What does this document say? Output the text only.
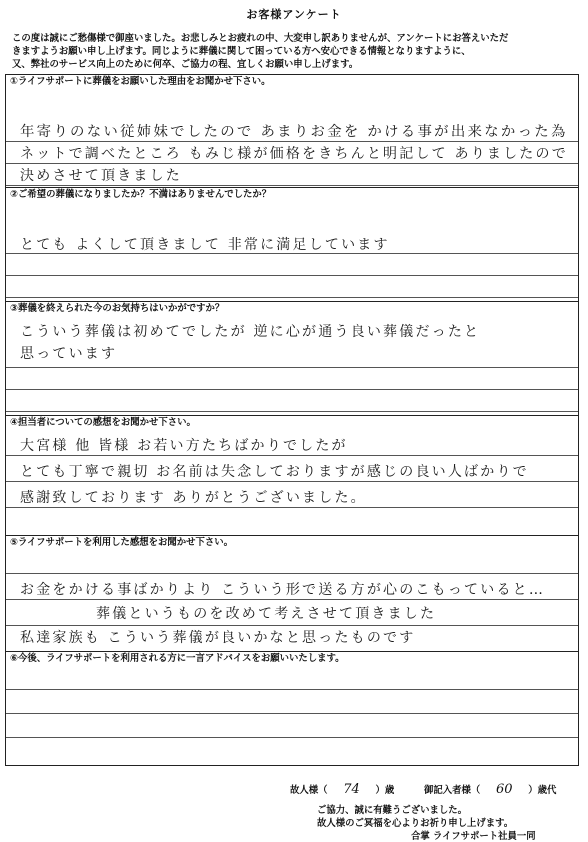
お客様アンケート
この度は誠にご愁傷様で御座いました。お悲しみとお疲れの中、大変申し訳ありませんが、アンケートにお答えいただ
きますようお願い申し上げます。同じように葬儀に関して困っている方へ安心できる情報となりますように、
又、弊社のサービス向上のために何卒、ご協力の程、宜しくお願い申し上げます。
①ライフサポートに葬儀をお願いした理由をお聞かせ下さい。
年寄りのない従姉妹でしたので あまりお金を かける事が出来なかった為
ネットで調べたところ もみじ様が価格をきちんと明記して ありましたので
決めさせて頂きました
②ご希望の葬儀になりましたか？不満はありませんでしたか？
とても よくして頂きまして 非常に満足しています
③葬儀を終えられた今のお気持ちはいかがですか？
こういう葬儀は初めてでしたが 逆に心が通う良い葬儀だったと
思っています
④担当者についての感想をお聞かせ下さい。
大宮様 他 皆様 お若い方たちばかりでしたが
とても丁寧で親切 お名前は失念しておりますが感じの良い人ばかりで
感謝致しております ありがとうございました。
⑤ライフサポートを利用した感想をお聞かせ下さい。
お金をかける事ばかりより こういう形で送る方が心のこもっていると…
葬儀というものを改めて考えさせて頂きました
私達家族も こういう葬儀が良いかなと思ったものです
⑥今後、ライフサポートを利用される方に一言アドバイスをお願いいたします。
故人様（ 74 ）歳	御記入者様（ 60 ）歳代
ご協力、誠に有難うございました。
故人様のご冥福を心よりお祈り申し上げます。
合掌 ライフサポート社員一同
